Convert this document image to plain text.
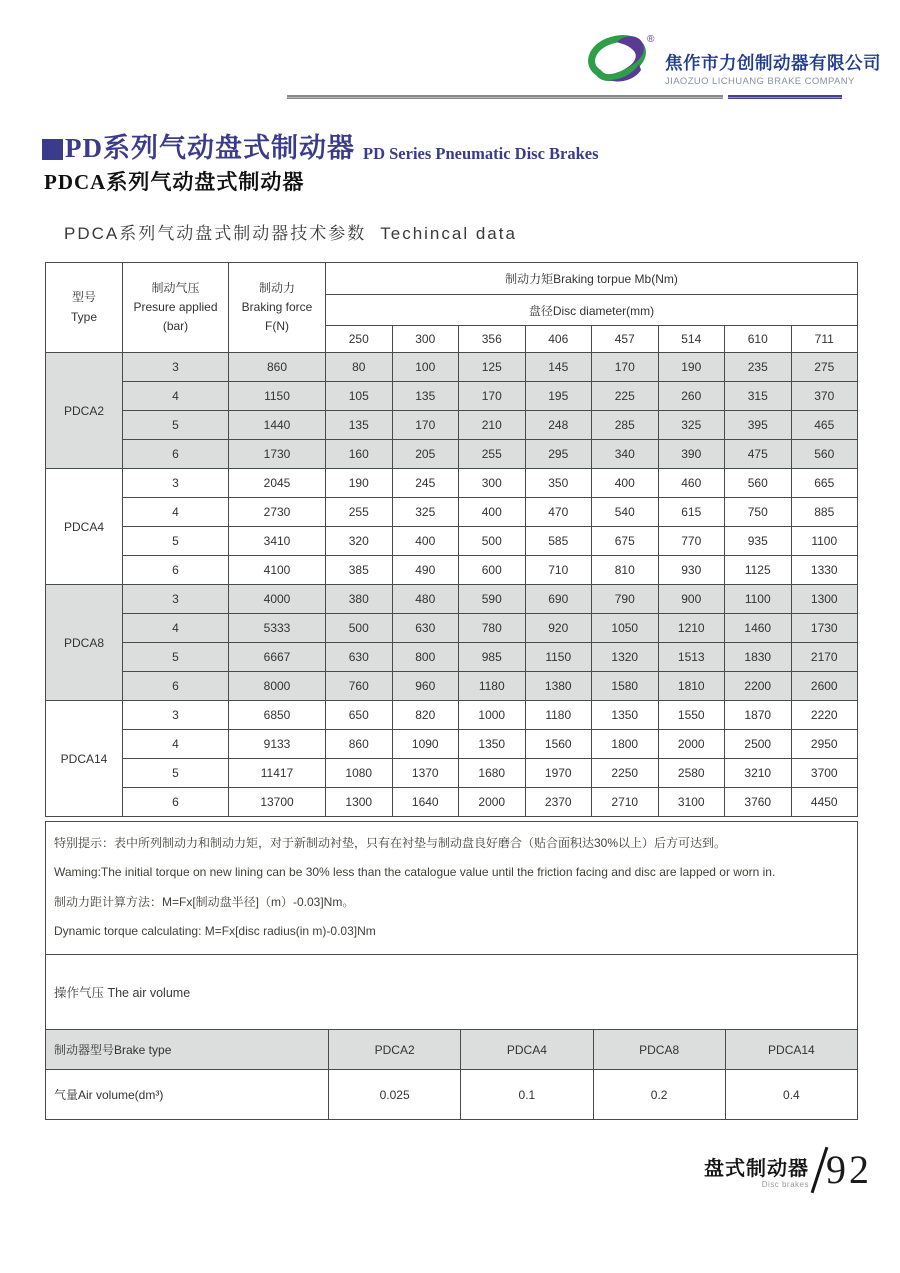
®
焦作市力创制动器有限公司
JIAOZUO LICHUANG BRAKE COMPANY
PD系列气动盘式制动器 PD Series Pneumatic Disc Brakes
PDCA系列气动盘式制动器
PDCA系列气动盘式制动器技术参数 Techincal data
型号
Type

制动气压
Presure applied
(bar)

制动力
Braking force
F(N)
	制动力矩Braking torpue Mb(Nm)
			盘径Disc diameter(mm)							
			250	300	356	406	457	514	610	711
PDCA2	3	860	80	100	125	145	170	190	235	275
	4	1150	105	135	170	195	225	260	315	370
	5	1440	135	170	210	248	285	325	395	465
	6	1730	160	205	255	295	340	390	475	560
PDCA4	3	2045	190	245	300	350	400	460	560	665
	4	2730	255	325	400	470	540	615	750	885
	5	3410	320	400	500	585	675	770	935	1100
	6	4100	385	490	600	710	810	930	1125	1330
PDCA8	3	4000	380	480	590	690	790	900	1100	1300
	4	5333	500	630	780	920	1050	1210	1460	1730
	5	6667	630	800	985	1150	1320	1513	1830	2170
	6	8000	760	960	1180	1380	1580	1810	2200	2600
PDCA14	3	6850	650	820	1000	1180	1350	1550	1870	2220
	4	9133	860	1090	1350	1560	1800	2000	2500	2950
	5	11417	1080	1370	1680	1970	2250	2580	3210	3700
	6	13700	1300	1640	2000	2370	2710	3100	3760	4450

特别提示：表中所列制动力和制动力矩，对于新制动衬垫，只有在衬垫与制动盘良好磨合（贴合面积达30%以上）后方可达到。

Waming:The initial torque on new lining can be 30% less than the catalogue value until the friction facing and disc are lapped or worn in.

制动力距计算方法：M=Fx[制动盘半径]（m）-0.03]Nm。

Dynamic torque calculating: M=Fx[disc radius(in m)-0.03]Nm

操作气压 The air volume
制动器型号Brake type	PDCA2	PDCA4	PDCA8	PDCA14
气量Air volume(dm³)	0.025	0.1	0.2	0.4
盘式制动器
Disc brakes 92
